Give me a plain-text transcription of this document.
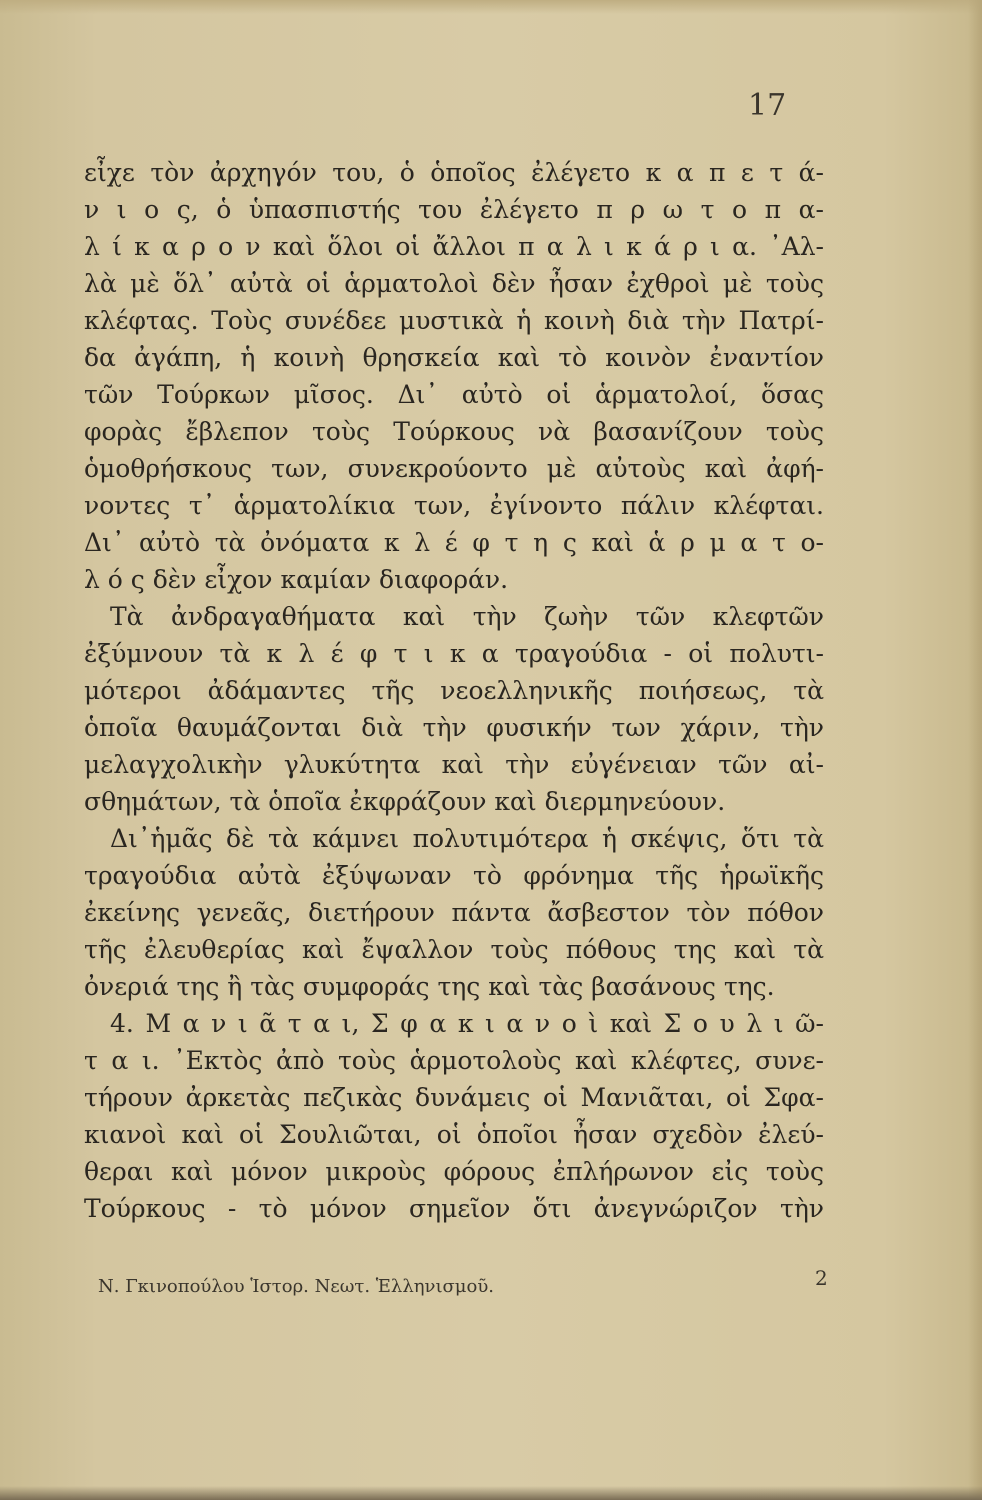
17
εἶχε τὸν ἀρχηγόν του, ὁ ὁποῖος ἐλέγετο κ α π ε τ ά-
ν ι ο ς, ὁ ὑπασπιστής του ἐλέγετο π ρ ω τ ο π α-
λ ί κ α ρ ο ν καὶ ὅλοι οἱ ἄλλοι π α λ ι κ ά ρ ι α. ᾿Αλ-
λὰ μὲ ὅλ᾿ αὐτὰ οἱ ἁρματολοὶ δὲν ἦσαν ἐχθροὶ μὲ τοὺς
κλέφτας. Τοὺς συνέδεε μυστικὰ ἡ κοινὴ διὰ τὴν Πατρί-
δα ἀγάπη, ἡ κοινὴ θρησκεία καὶ τὸ κοινὸν ἐναντίον
τῶν Τούρκων μῖσος. Δι᾿ αὐτὸ οἱ ἁρματολοί, ὅσας
φορὰς ἔβλεπον τοὺς Τούρκους νὰ βασανίζουν τοὺς
ὁμοθρήσκους των, συνεκρούοντο μὲ αὐτοὺς καὶ ἀφή-
νοντες τ᾿ ἁρματολίκια των, ἐγίνοντο πάλιν κλέφται.
Δι᾿ αὐτὸ τὰ ὀνόματα κ λ έ φ τ η ς καὶ ἁ ρ μ α τ ο-
λ ό ς δὲν εἶχον καμίαν διαφοράν.
Τὰ ἀνδραγαθήματα καὶ τὴν ζωὴν τῶν κλεφτῶν
ἐξύμνουν τὰ κ λ έ φ τ ι κ α τραγούδια - οἱ πολυτι-
μότεροι ἀδάμαντες τῆς νεοελληνικῆς ποιήσεως, τὰ
ὁποῖα θαυμάζονται διὰ τὴν φυσικήν των χάριν, τὴν
μελαγχολικὴν γλυκύτητα καὶ τὴν εὐγένειαν τῶν αἰ-
σθημάτων, τὰ ὁποῖα ἐκφράζουν καὶ διερμηνεύουν.
Δι᾿ἡμᾶς δὲ τὰ κάμνει πολυτιμότερα ἡ σκέψις, ὅτι τὰ
τραγούδια αὐτὰ ἐξύψωναν τὸ φρόνημα τῆς ἡρωϊκῆς
ἐκείνης γενεᾶς, διετήρουν πάντα ἄσβεστον τὸν πόθον
τῆς ἐλευθερίας καὶ ἔψαλλον τοὺς πόθους της καὶ τὰ
ὀνεριά της ἢ τὰς συμφοράς της καὶ τὰς βασάνους της.
4. Μ α ν ι ᾶ τ α ι, Σ φ α κ ι α ν ο ὶ καὶ Σ ο υ λ ι ῶ-
τ α ι. ᾿Εκτὸς ἀπὸ τοὺς ἁρμοτολοὺς καὶ κλέφτες, συνε-
τήρουν ἀρκετὰς πεζικὰς δυνάμεις οἱ Μανιᾶται, οἱ Σφα-
κιανοὶ καὶ οἱ Σουλιῶται, οἱ ὁποῖοι ἦσαν σχεδὸν ἐλεύ-
θεραι καὶ μόνον μικροὺς φόρους ἐπλήρωνον εἰς τοὺς
Τούρκους - τὸ μόνον σημεῖον ὅτι ἀνεγνώριζον τὴν
Ν. Γκινοπούλου Ἱστορ. Νεωτ. Ἑλληνισμοῦ.	2
